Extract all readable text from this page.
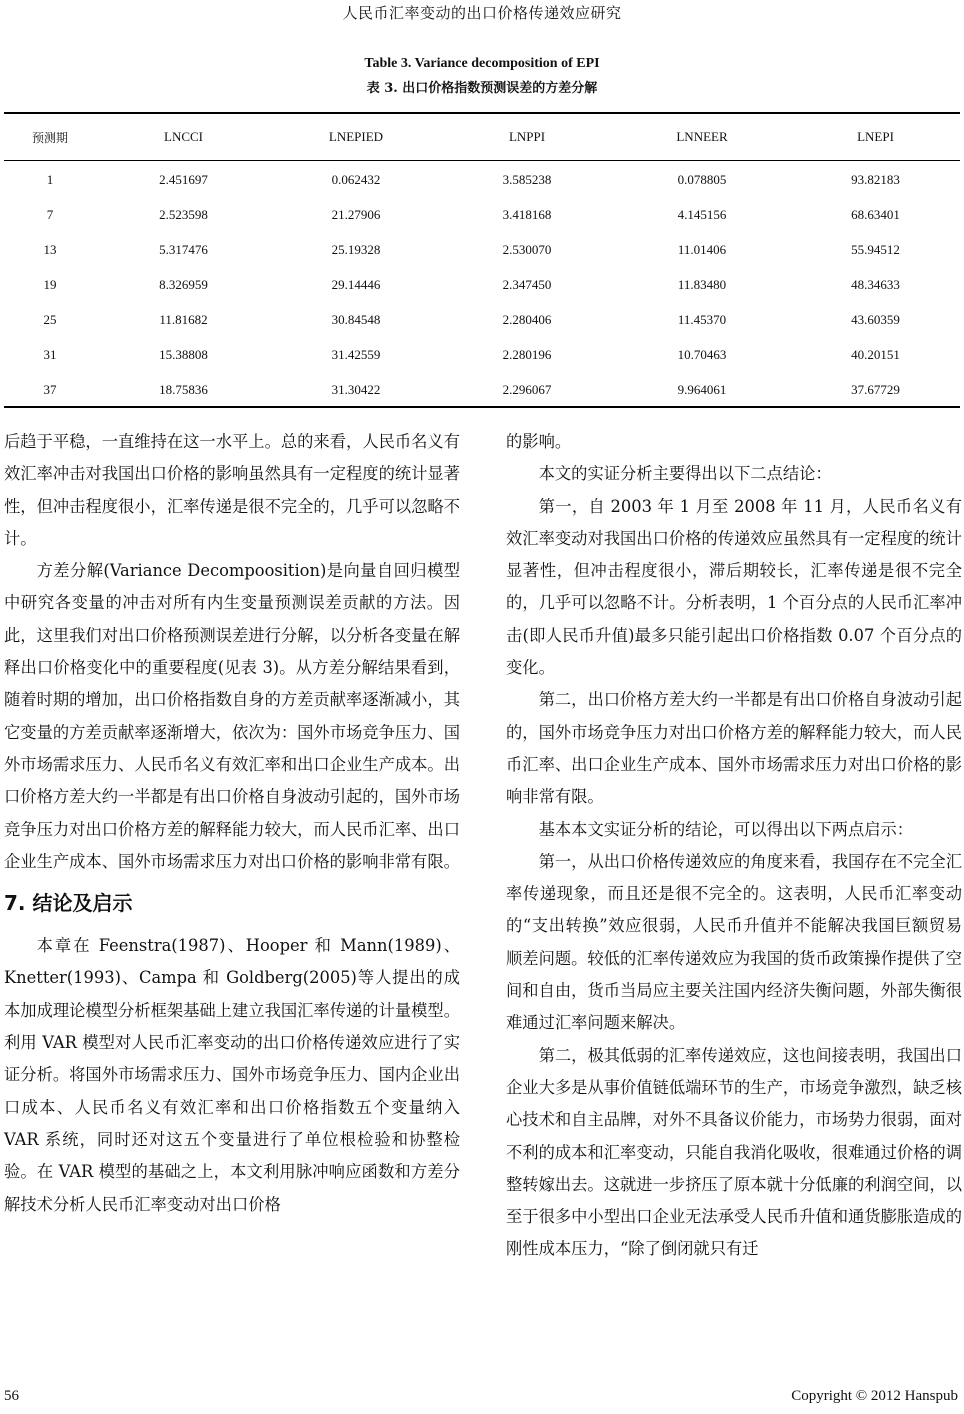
人民币汇率变动的出口价格传递效应研究
Table 3. Variance decomposition of EPI
表 3. 出口价格指数预测误差的方差分解
预测期	LNCCI	LNEPIED	LNPPI	LNNEER	LNEPI
1	2.451697	0.062432	3.585238	0.078805	93.82183
7	2.523598	21.27906	3.418168	4.145156	68.63401
13	5.317476	25.19328	2.530070	11.01406	55.94512
19	8.326959	29.14446	2.347450	11.83480	48.34633
25	11.81682	30.84548	2.280406	11.45370	43.60359
31	15.38808	31.42559	2.280196	10.70463	40.20151
37	18.75836	31.30422	2.296067	9.964061	37.67729

后趋于平稳，一直维持在这一水平上。总的来看，人民币名义有效汇率冲击对我国出口价格的影响虽然具有一定程度的统计显著性，但冲击程度很小，汇率传递是很不完全的，几乎可以忽略不计。

方差分解(Variance Decompoosition)是向量自回归模型中研究各变量的冲击对所有内生变量预测误差贡献的方法。因此，这里我们对出口价格预测误差进行分解，以分析各变量在解释出口价格变化中的重要程度(见表 3)。从方差分解结果看到，随着时期的增加，出口价格指数自身的方差贡献率逐渐减小，其它变量的方差贡献率逐渐增大，依次为：国外市场竞争压力、国外市场需求压力、人民币名义有效汇率和出口企业生产成本。出口价格方差大约一半都是有出口价格自身波动引起的，国外市场竞争压力对出口价格方差的解释能力较大，而人民币汇率、出口企业生产成本、国外市场需求压力对出口价格的影响非常有限。

7. 结论及启示

本章在 Feenstra(1987)、Hooper 和 Mann(1989)、Knetter(1993)、Campa 和 Goldberg(2005)等人提出的成本加成理论模型分析框架基础上建立我国汇率传递的计量模型。利用 VAR 模型对人民币汇率变动的出口价格传递效应进行了实证分析。将国外市场需求压力、国外市场竞争压力、国内企业出口成本、人民币名义有效汇率和出口价格指数五个变量纳入 VAR 系统，同时还对这五个变量进行了单位根检验和协整检验。在 VAR 模型的基础之上，本文利用脉冲响应函数和方差分解技术分析人民币汇率变动对出口价格

的影响。

本文的实证分析主要得出以下二点结论：

第一，自 2003 年 1 月至 2008 年 11 月，人民币名义有效汇率变动对我国出口价格的传递效应虽然具有一定程度的统计显著性，但冲击程度很小，滞后期较长，汇率传递是很不完全的，几乎可以忽略不计。分析表明，1 个百分点的人民币汇率冲击(即人民币升值)最多只能引起出口价格指数 0.07 个百分点的变化。

第二，出口价格方差大约一半都是有出口价格自身波动引起的，国外市场竞争压力对出口价格方差的解释能力较大，而人民币汇率、出口企业生产成本、国外市场需求压力对出口价格的影响非常有限。

基本本文实证分析的结论，可以得出以下两点启示：

第一，从出口价格传递效应的角度来看，我国存在不完全汇率传递现象，而且还是很不完全的。这表明，人民币汇率变动的“支出转换”效应很弱，人民币升值并不能解决我国巨额贸易顺差问题。较低的汇率传递效应为我国的货币政策操作提供了空间和自由，货币当局应主要关注国内经济失衡问题，外部失衡很难通过汇率问题来解决。

第二，极其低弱的汇率传递效应，这也间接表明，我国出口企业大多是从事价值链低端环节的生产，市场竞争激烈，缺乏核心技术和自主品牌，对外不具备议价能力，市场势力很弱，面对不利的成本和汇率变动，只能自我消化吸收，很难通过价格的调整转嫁出去。这就进一步挤压了原本就十分低廉的利润空间，以至于很多中小型出口企业无法承受人民币升值和通货膨胀造成的刚性成本压力，“除了倒闭就只有迁

56	Copyright © 2012 Hanspub
